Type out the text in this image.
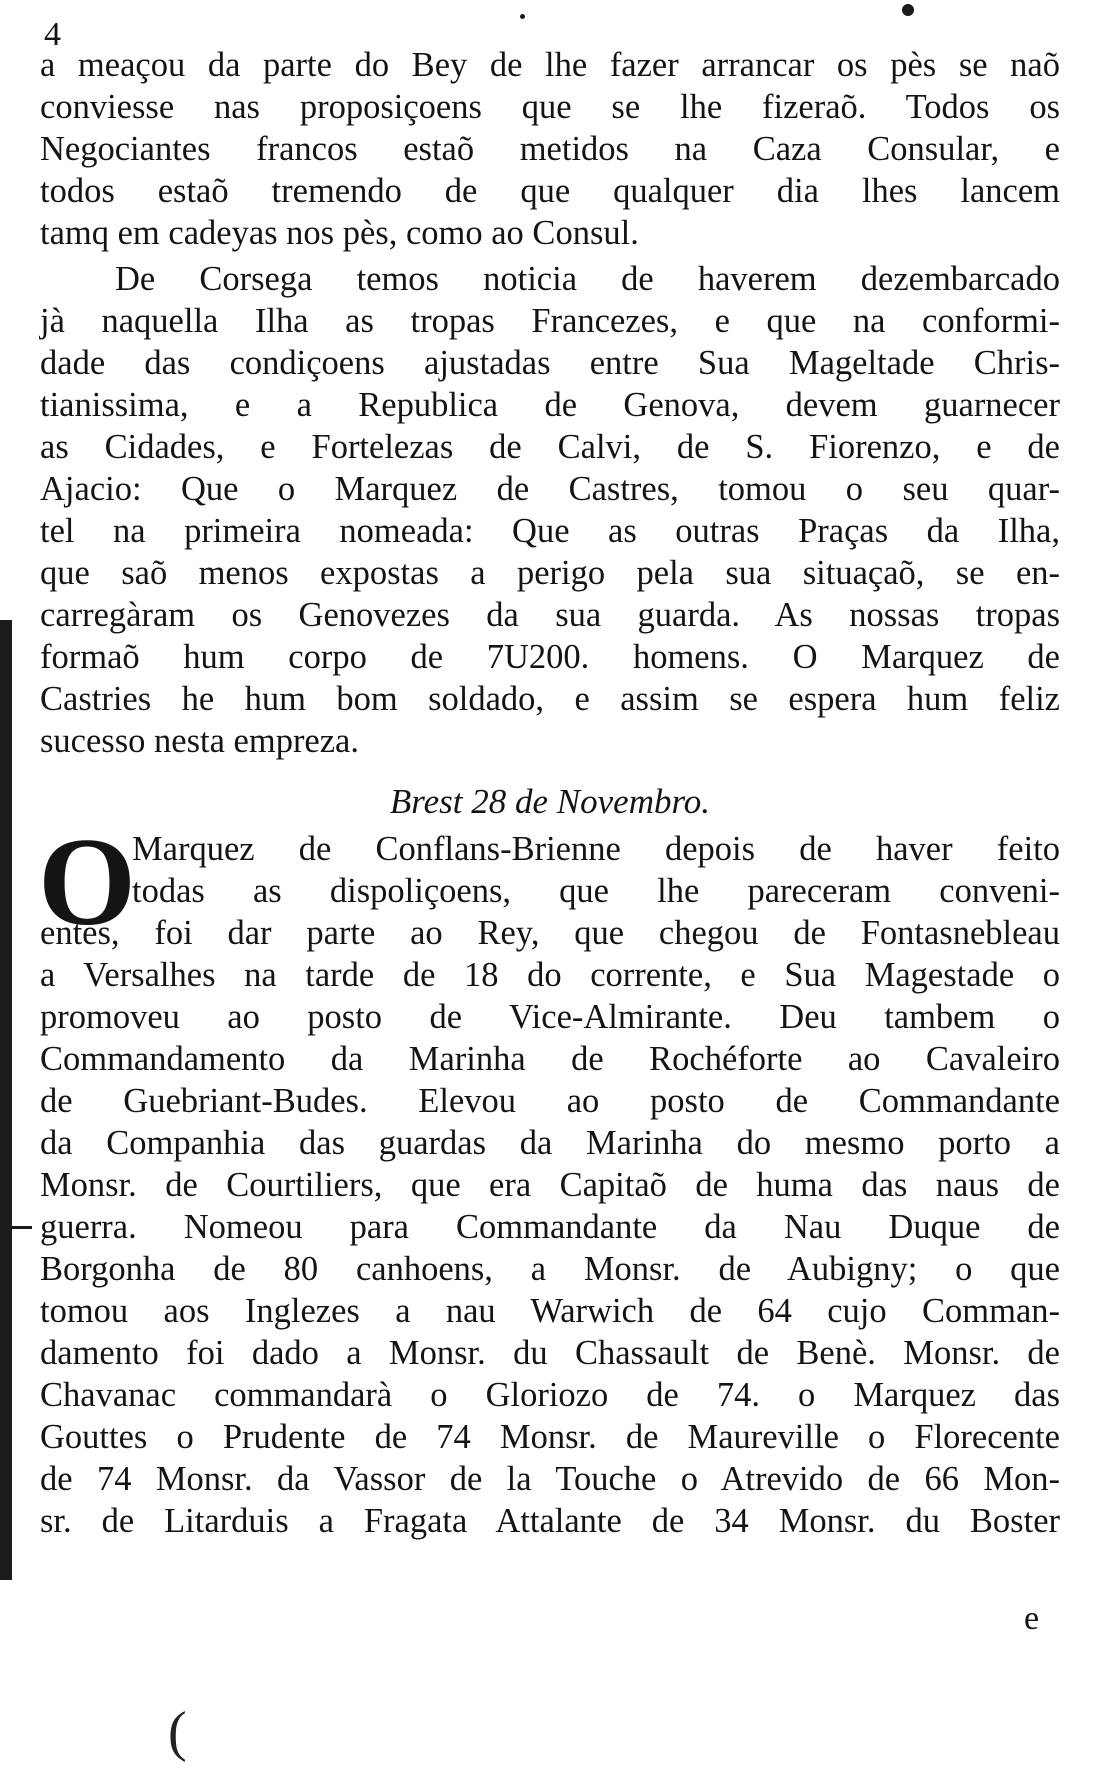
4
a meaçou da parte do Bey de lhe fazer arrancar os pès se naõ
conviesse nas proposiçoens que se lhe fizeraõ. Todos os
Negociantes francos estaõ metidos na Caza Consular, e
todos estaõ tremendo de que qualquer dia lhes lancem
tamq em cadeyas nos pès, como ao Consul.
De Corsega temos noticia de haverem dezembarcado
jà naquella Ilha as tropas Francezes, e que na conformi-
dade das condiçoens ajustadas entre Sua Mageltade Chris-
tianissima, e a Republica de Genova, devem guarnecer
as Cidades, e Fortelezas de Calvi, de S. Fiorenzo, e de
Ajacio: Que o Marquez de Castres, tomou o seu quar-
tel na primeira nomeada: Que as outras Praças da Ilha,
que saõ menos expostas a perigo pela sua situaçaõ, se en-
carregàram os Genovezes da sua guarda. As nossas tropas
formaõ hum corpo de 7U200. homens. O Marquez de
Castries he hum bom soldado, e assim se espera hum feliz
sucesso nesta empreza.
Brest 28 de Novembro.
O
Marquez de Conflans-Brienne depois de haver feito
todas as dispoliçoens, que lhe pareceram conveni-
entes, foi dar parte ao Rey, que chegou de Fontasnebleau
a Versalhes na tarde de 18 do corrente, e Sua Magestade o
promoveu ao posto de Vice-Almirante. Deu tambem o
Commandamento da Marinha de Rochéforte ao Cavaleiro
de Guebriant-Budes. Elevou ao posto de Commandante
da Companhia das guardas da Marinha do mesmo porto a
Monsr. de Courtiliers, que era Capitaõ de huma das naus de
guerra. Nomeou para Commandante da Nau Duque de
Borgonha de 80 canhoens, a Monsr. de Aubigny; o que
tomou aos Inglezes a nau Warwich de 64 cujo Comman-
damento foi dado a Monsr. du Chassault de Benè. Monsr. de
Chavanac commandarà o Gloriozo de 74. o Marquez das
Gouttes o Prudente de 74 Monsr. de Maureville o Florecente
de 74 Monsr. da Vassor de la Touche o Atrevido de 66 Mon-
sr. de Litarduis a Fragata Attalante de 34 Monsr. du Boster
e
(
